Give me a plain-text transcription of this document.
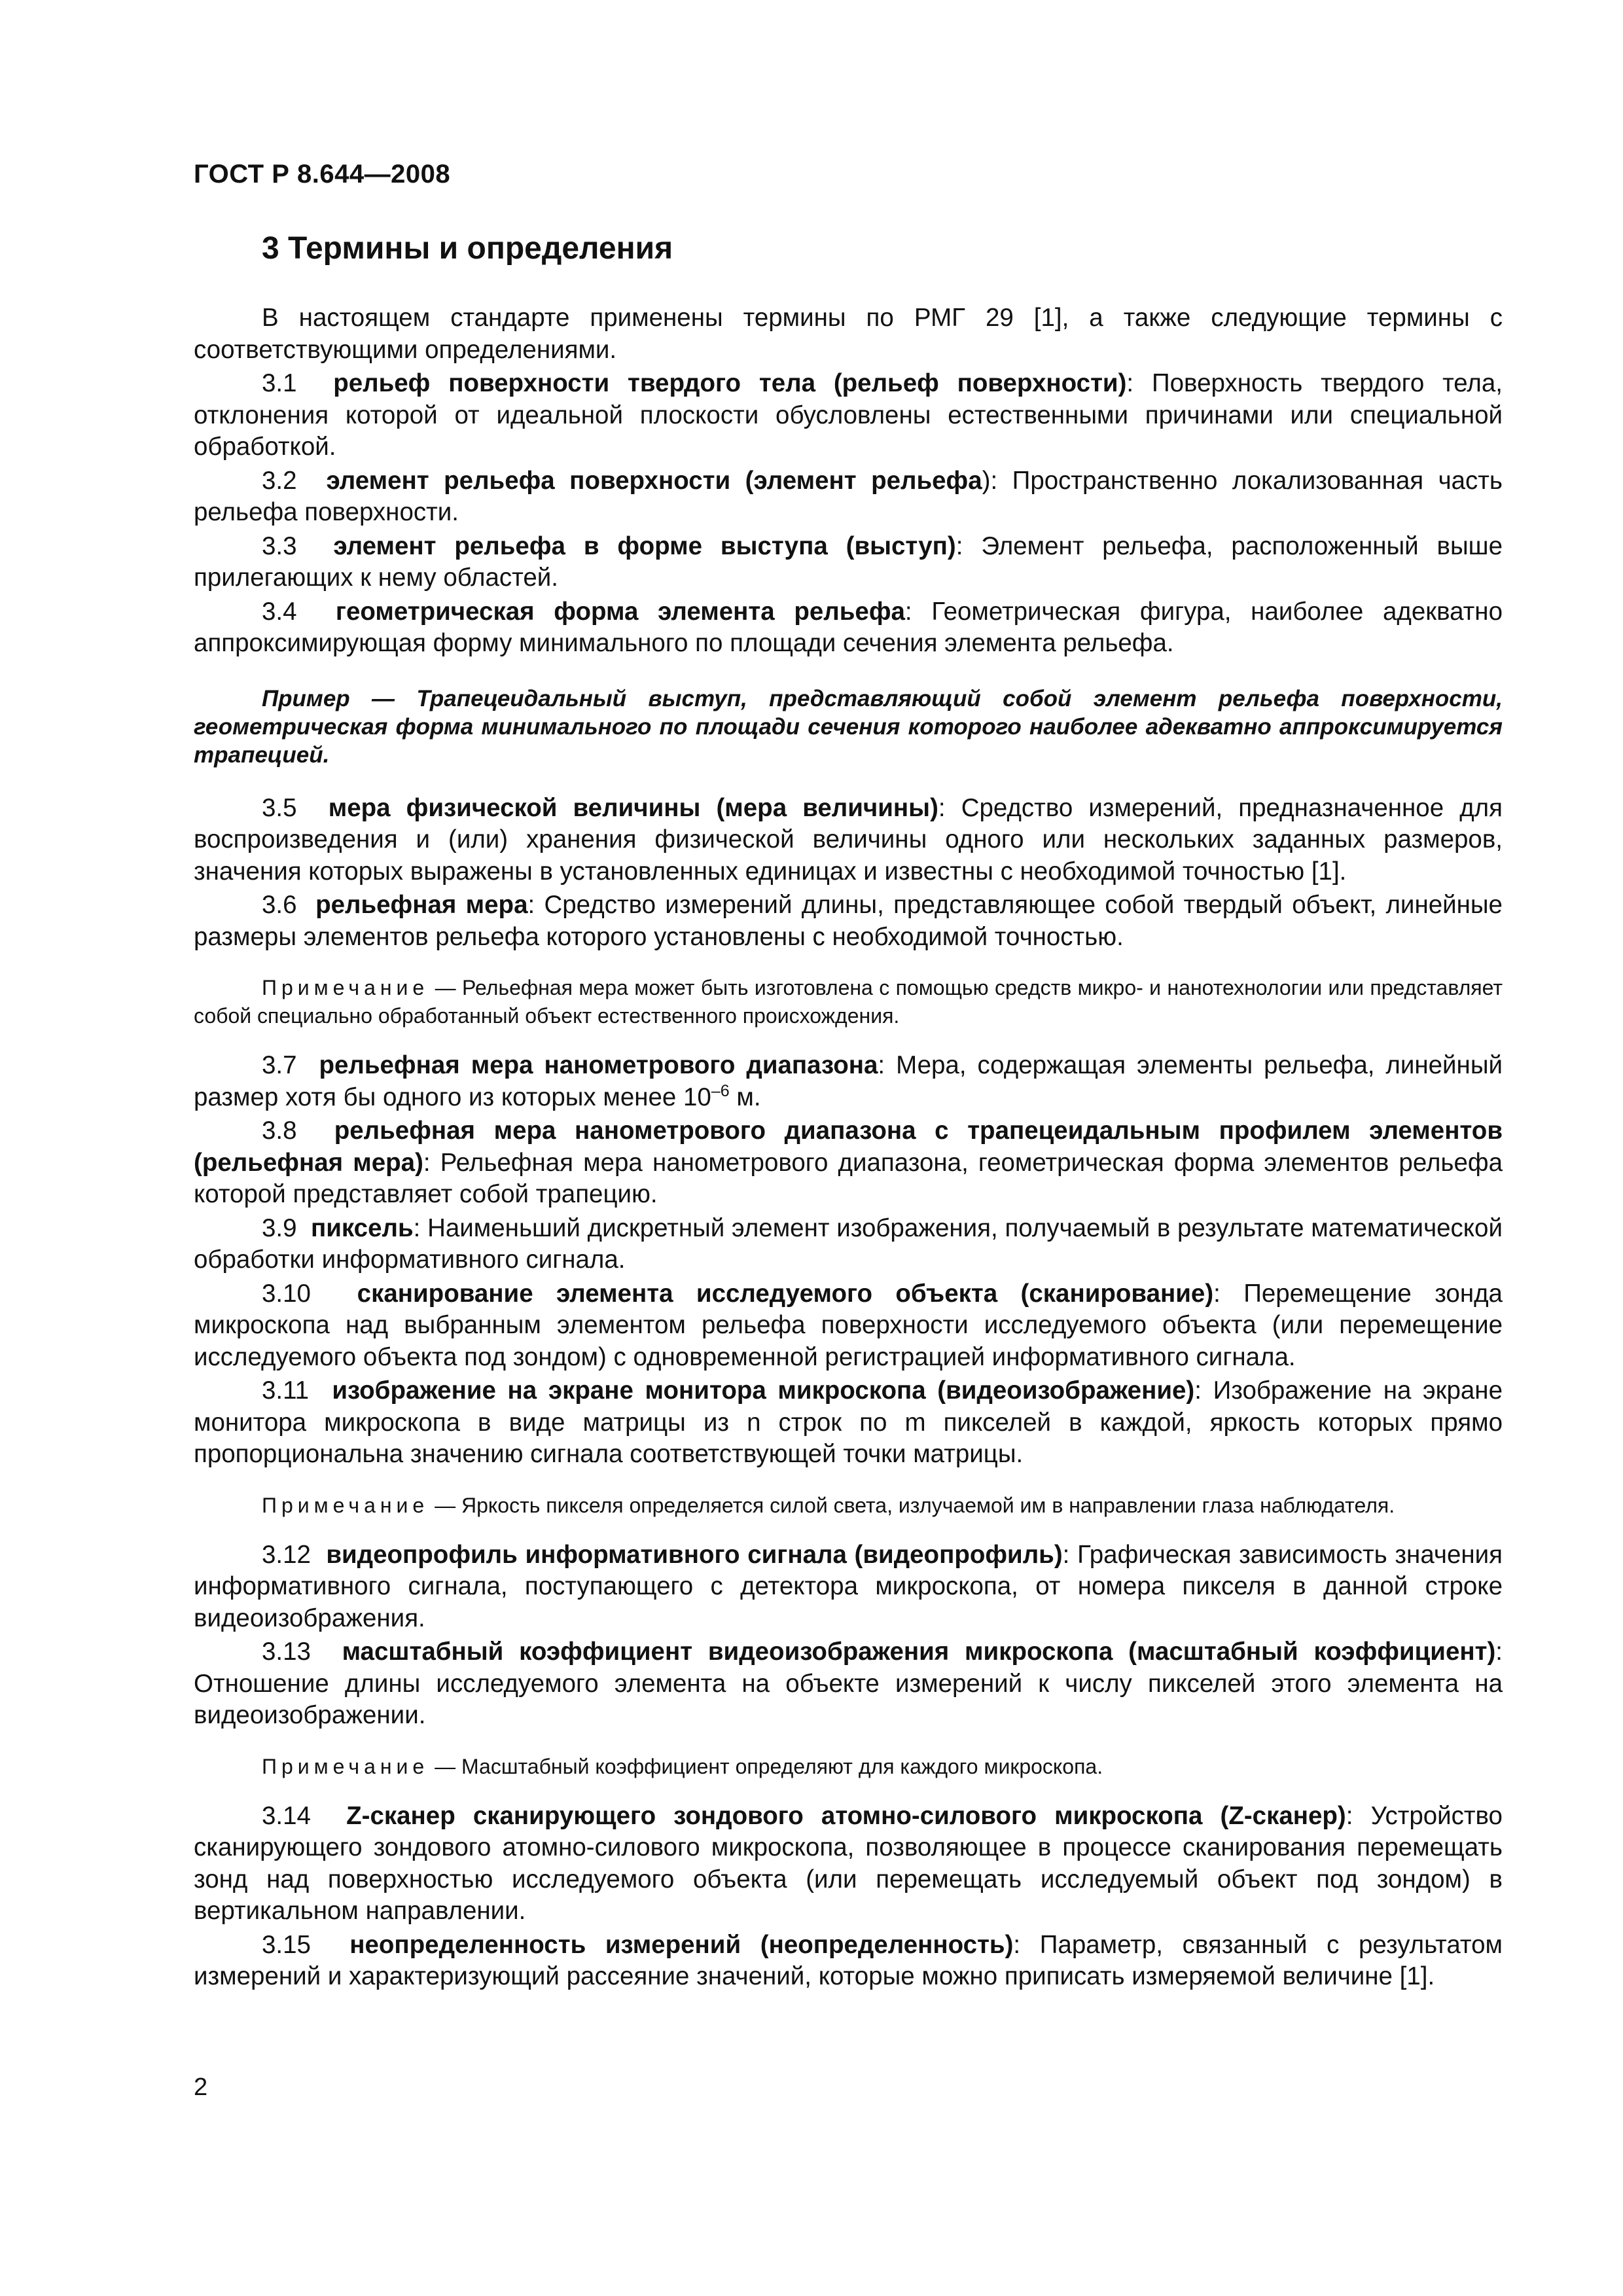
ГОСТ Р 8.644—2008
3 Термины и определения

В настоящем стандарте применены термины по РМГ 29 [1], а также следующие термины с соответствующими определениями.

3.1 рельеф поверхности твердого тела (рельеф поверхности): Поверхность твердого тела, отклонения которой от идеальной плоскости обусловлены естественными причинами или специальной обработкой.

3.2 элемент рельефа поверхности (элемент рельефа): Пространственно локализованная часть рельефа поверхности.

3.3 элемент рельефа в форме выступа (выступ): Элемент рельефа, расположенный выше прилегающих к нему областей.

3.4 геометрическая форма элемента рельефа: Геометрическая фигура, наиболее адекватно аппроксимирующая форму минимального по площади сечения элемента рельефа.

Пример — Трапецеидальный выступ, представляющий собой элемент рельефа поверхности, геометрическая форма минимального по площади сечения которого наиболее адекватно аппроксимируется трапецией.

3.5 мера физической величины (мера величины): Средство измерений, предназначенное для воспроизведения и (или) хранения физической величины одного или нескольких заданных размеров, значения которых выражены в установленных единицах и известны с необходимой точностью [1].

3.6 рельефная мера: Средство измерений длины, представляющее собой твердый объект, линейные размеры элементов рельефа которого установлены с необходимой точностью.

Примечание — Рельефная мера может быть изготовлена с помощью средств микро- и нанотехнологии или представляет собой специально обработанный объект естественного происхождения.

3.7 рельефная мера нанометрового диапазона: Мера, содержащая элементы рельефа, линейный размер хотя бы одного из которых менее $10^{-6}$ м.

3.8 рельефная мера нанометрового диапазона с трапецеидальным профилем элементов (рельефная мера): Рельефная мера нанометрового диапазона, геометрическая форма элементов рельефа которой представляет собой трапецию.

3.9 пиксель: Наименьший дискретный элемент изображения, получаемый в результате математической обработки информативного сигнала.

3.10 сканирование элемента исследуемого объекта (сканирование): Перемещение зонда микроскопа над выбранным элементом рельефа поверхности исследуемого объекта (или перемещение исследуемого объекта под зондом) с одновременной регистрацией информативного сигнала.

3.11 изображение на экране монитора микроскопа (видеоизображение): Изображение на экране монитора микроскопа в виде матрицы из n строк по m пикселей в каждой, яркость которых прямо пропорциональна значению сигнала соответствующей точки матрицы.

Примечание — Яркость пикселя определяется силой света, излучаемой им в направлении глаза наблюдателя.

3.12 видеопрофиль информативного сигнала (видеопрофиль): Графическая зависимость значения информативного сигнала, поступающего с детектора микроскопа, от номера пикселя в данной строке видеоизображения.

3.13 масштабный коэффициент видеоизображения микроскопа (масштабный коэффициент): Отношение длины исследуемого элемента на объекте измерений к числу пикселей этого элемента на видеоизображении.

Примечание — Масштабный коэффициент определяют для каждого микроскопа.

3.14 Z-сканер сканирующего зондового атомно-силового микроскопа (Z-сканер): Устройство сканирующего зондового атомно-силового микроскопа, позволяющее в процессе сканирования перемещать зонд над поверхностью исследуемого объекта (или перемещать исследуемый объект под зондом) в вертикальном направлении.

3.15 неопределенность измерений (неопределенность): Параметр, связанный с результатом измерений и характеризующий рассеяние значений, которые можно приписать измеряемой величине [1].

2
